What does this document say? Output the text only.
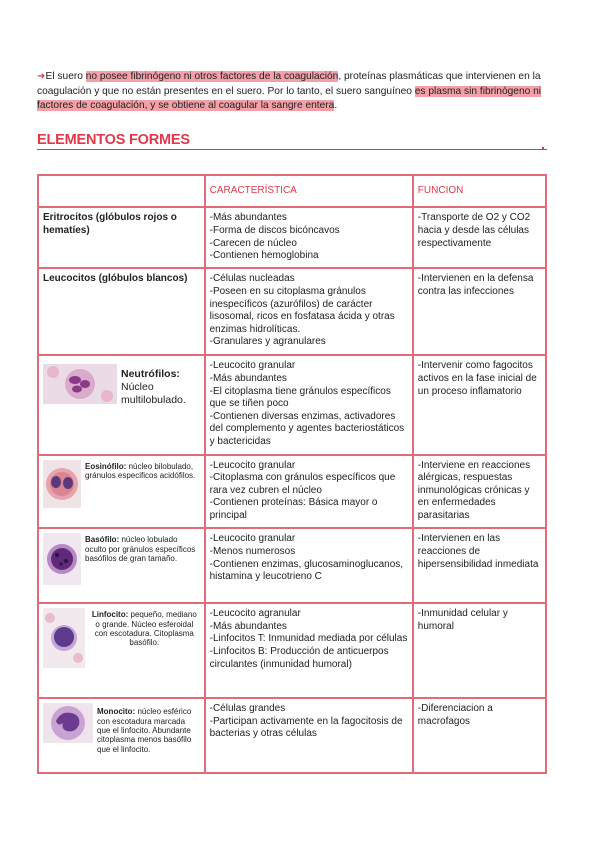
➜El suero no posee fibrinógeno ni otros factores de la coagulación, proteínas plasmáticas que intervienen en la coagulación y que no están presentes en el suero. Por lo tanto, el suero sanguíneo es plasma sin fibrinógeno ni factores de coagulación, y se obtiene al coagular la sangre entera.
ELEMENTOS FORMES	.
	CARACTERÍSTICA	FUNCION
Eritrocitos (glóbulos rojos o hematíes)	-Más abundantes
-Forma de discos bicóncavos
-Carecen de núcleo
-Contienen hemoglobina	-Transporte de O2 y CO2 hacia y desde las células respectivamente
Leucocitos (glóbulos blancos)	-Células nucleadas
-Poseen en su citoplasma gránulos inespecíficos (azurófilos) de carácter lisosomal, ricos en fosfatasa ácida y otras enzimas hidrolíticas.
-Granulares y agranulares	-Intervienen en la defensa contra las infecciones

Neutrófilos:
Núcleo multilobulado.	-Leucocito granular
-Más abundantes
-El citoplasma tiene gránulos específicos que se tiñen poco
-Contienen diversas enzimas, activadores del complemento y agentes bacteriostáticos y bactericidas	-Intervenir como fagocitos activos en la fase inicial de un proceso inflamatorio

Eosinófilo: núcleo bilobulado, gránulos especificos acidófilos.	-Leucocito granular
-Citoplasma con gránulos específicos que rara vez cubren el núcleo
-Contienen proteínas: Básica mayor o principal	-Interviene en reacciones alérgicas, respuestas inmunológicas crónicas y en enfermedades parasitarias

Basófilo: núcleo lobulado oculto por gránulos específicos basófilos de gran tamaño.	-Leucocito granular
-Menos numerosos
-Contienen enzimas, glucosaminoglucanos, histamina y leucotrieno C	-Intervienen en las reacciones de hipersensibilidad inmediata

Linfocito: pequeño, mediano o grande. Núcleo esferoidal con escotadura. Citoplasma basófilo.	-Leucocito agranular
-Más abundantes
-Linfocitos T: Inmunidad mediada por células
-Linfocitos B: Producción de anticuerpos circulantes (inmunidad humoral)	-Inmunidad celular y humoral

Monocito: núcleo esférico con escotadura marcada que el linfocito. Abundante citoplasma menos basófilo que el linfocito.	-Células grandes
-Participan activamente en la fagocitosis de bacterias y otras células	-Diferenciacion a macrofagos
